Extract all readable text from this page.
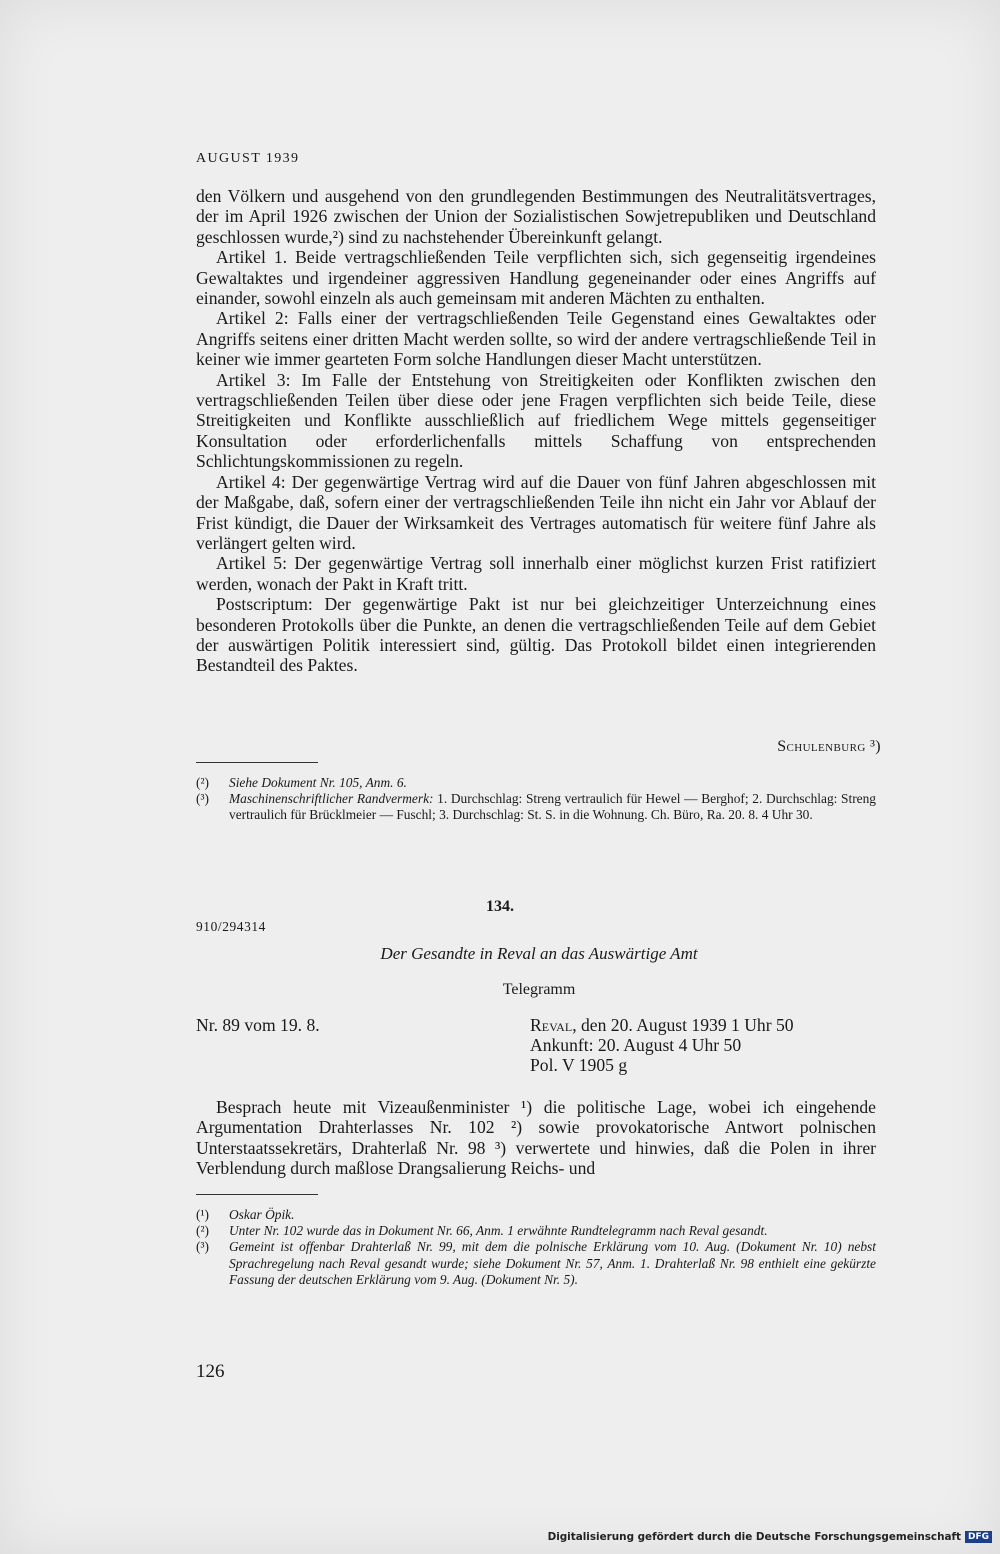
AUGUST 1939

den Völkern und ausgehend von den grundlegenden Bestimmungen des Neutralitätsvertrages, der im April 1926 zwischen der Union der Sozialistischen Sowjetrepubliken und Deutschland geschlossen wurde,²) sind zu nachstehender Übereinkunft gelangt.

Artikel 1. Beide vertragschließenden Teile verpflichten sich, sich gegenseitig irgendeines Gewaltaktes und irgendeiner aggressiven Handlung gegeneinander oder eines Angriffs auf einander, sowohl einzeln als auch gemeinsam mit anderen Mächten zu enthalten.

Artikel 2: Falls einer der vertragschließenden Teile Gegenstand eines Gewaltaktes oder Angriffs seitens einer dritten Macht werden sollte, so wird der andere vertragschließende Teil in keiner wie immer gearteten Form solche Handlungen dieser Macht unterstützen.

Artikel 3: Im Falle der Entstehung von Streitigkeiten oder Konflikten zwischen den vertragschließenden Teilen über diese oder jene Fragen verpflichten sich beide Teile, diese Streitigkeiten und Konflikte ausschließlich auf friedlichem Wege mittels gegenseitiger Konsultation oder erforderlichenfalls mittels Schaffung von entsprechenden Schlichtungskommissionen zu regeln.

Artikel 4: Der gegenwärtige Vertrag wird auf die Dauer von fünf Jahren abgeschlossen mit der Maßgabe, daß, sofern einer der vertragschließenden Teile ihn nicht ein Jahr vor Ablauf der Frist kündigt, die Dauer der Wirksamkeit des Vertrages automatisch für weitere fünf Jahre als verlängert gelten wird.

Artikel 5: Der gegenwärtige Vertrag soll innerhalb einer möglichst kurzen Frist ratifiziert werden, wonach der Pakt in Kraft tritt.

Postscriptum: Der gegenwärtige Pakt ist nur bei gleichzeitiger Unterzeichnung eines besonderen Protokolls über die Punkte, an denen die vertragschließenden Teile auf dem Gebiet der auswärtigen Politik interessiert sind, gültig. Das Protokoll bildet einen integrierenden Bestandteil des Paktes.

Schulenburg ³)
(²)	Siehe Dokument Nr. 105, Anm. 6.
(³)	Maschinenschriftlicher Randvermerk: 1. Durchschlag: Streng vertraulich für Hewel — Berghof; 2. Durchschlag: Streng vertraulich für Brücklmeier — Fuschl; 3. Durchschlag: St. S. in die Wohnung. Ch. Büro, Ra. 20. 8. 4 Uhr 30.
134.
910/294314
Der Gesandte in Reval an das Auswärtige Amt
Telegramm
Nr. 89 vom 19. 8.	Reval, den 20. August 1939 1 Uhr 50
Ankunft: 20. August 4 Uhr 50
Pol. V 1905 g

Besprach heute mit Vizeaußenminister ¹) die politische Lage, wobei ich eingehende Argumentation Drahterlasses Nr. 102 ²) sowie provokatorische Antwort polnischen Unterstaatssekretärs, Drahterlaß Nr. 98 ³) verwertete und hinwies, daß die Polen in ihrer Verblendung durch maßlose Drangsalierung Reichs- und

(¹)	Oskar Öpik.
(²)	Unter Nr. 102 wurde das in Dokument Nr. 66, Anm. 1 erwähnte Rundtelegramm nach Reval gesandt.
(³)	Gemeint ist offenbar Drahterlaß Nr. 99, mit dem die polnische Erklärung vom 10. Aug. (Dokument Nr. 10) nebst Sprachregelung nach Reval gesandt wurde; siehe Dokument Nr. 57, Anm. 1. Drahterlaß Nr. 98 enthielt eine gekürzte Fassung der deutschen Erklärung vom 9. Aug. (Dokument Nr. 5).
126
Digitalisierung gefördert durch die Deutsche Forschungsgemeinschaft DFG
